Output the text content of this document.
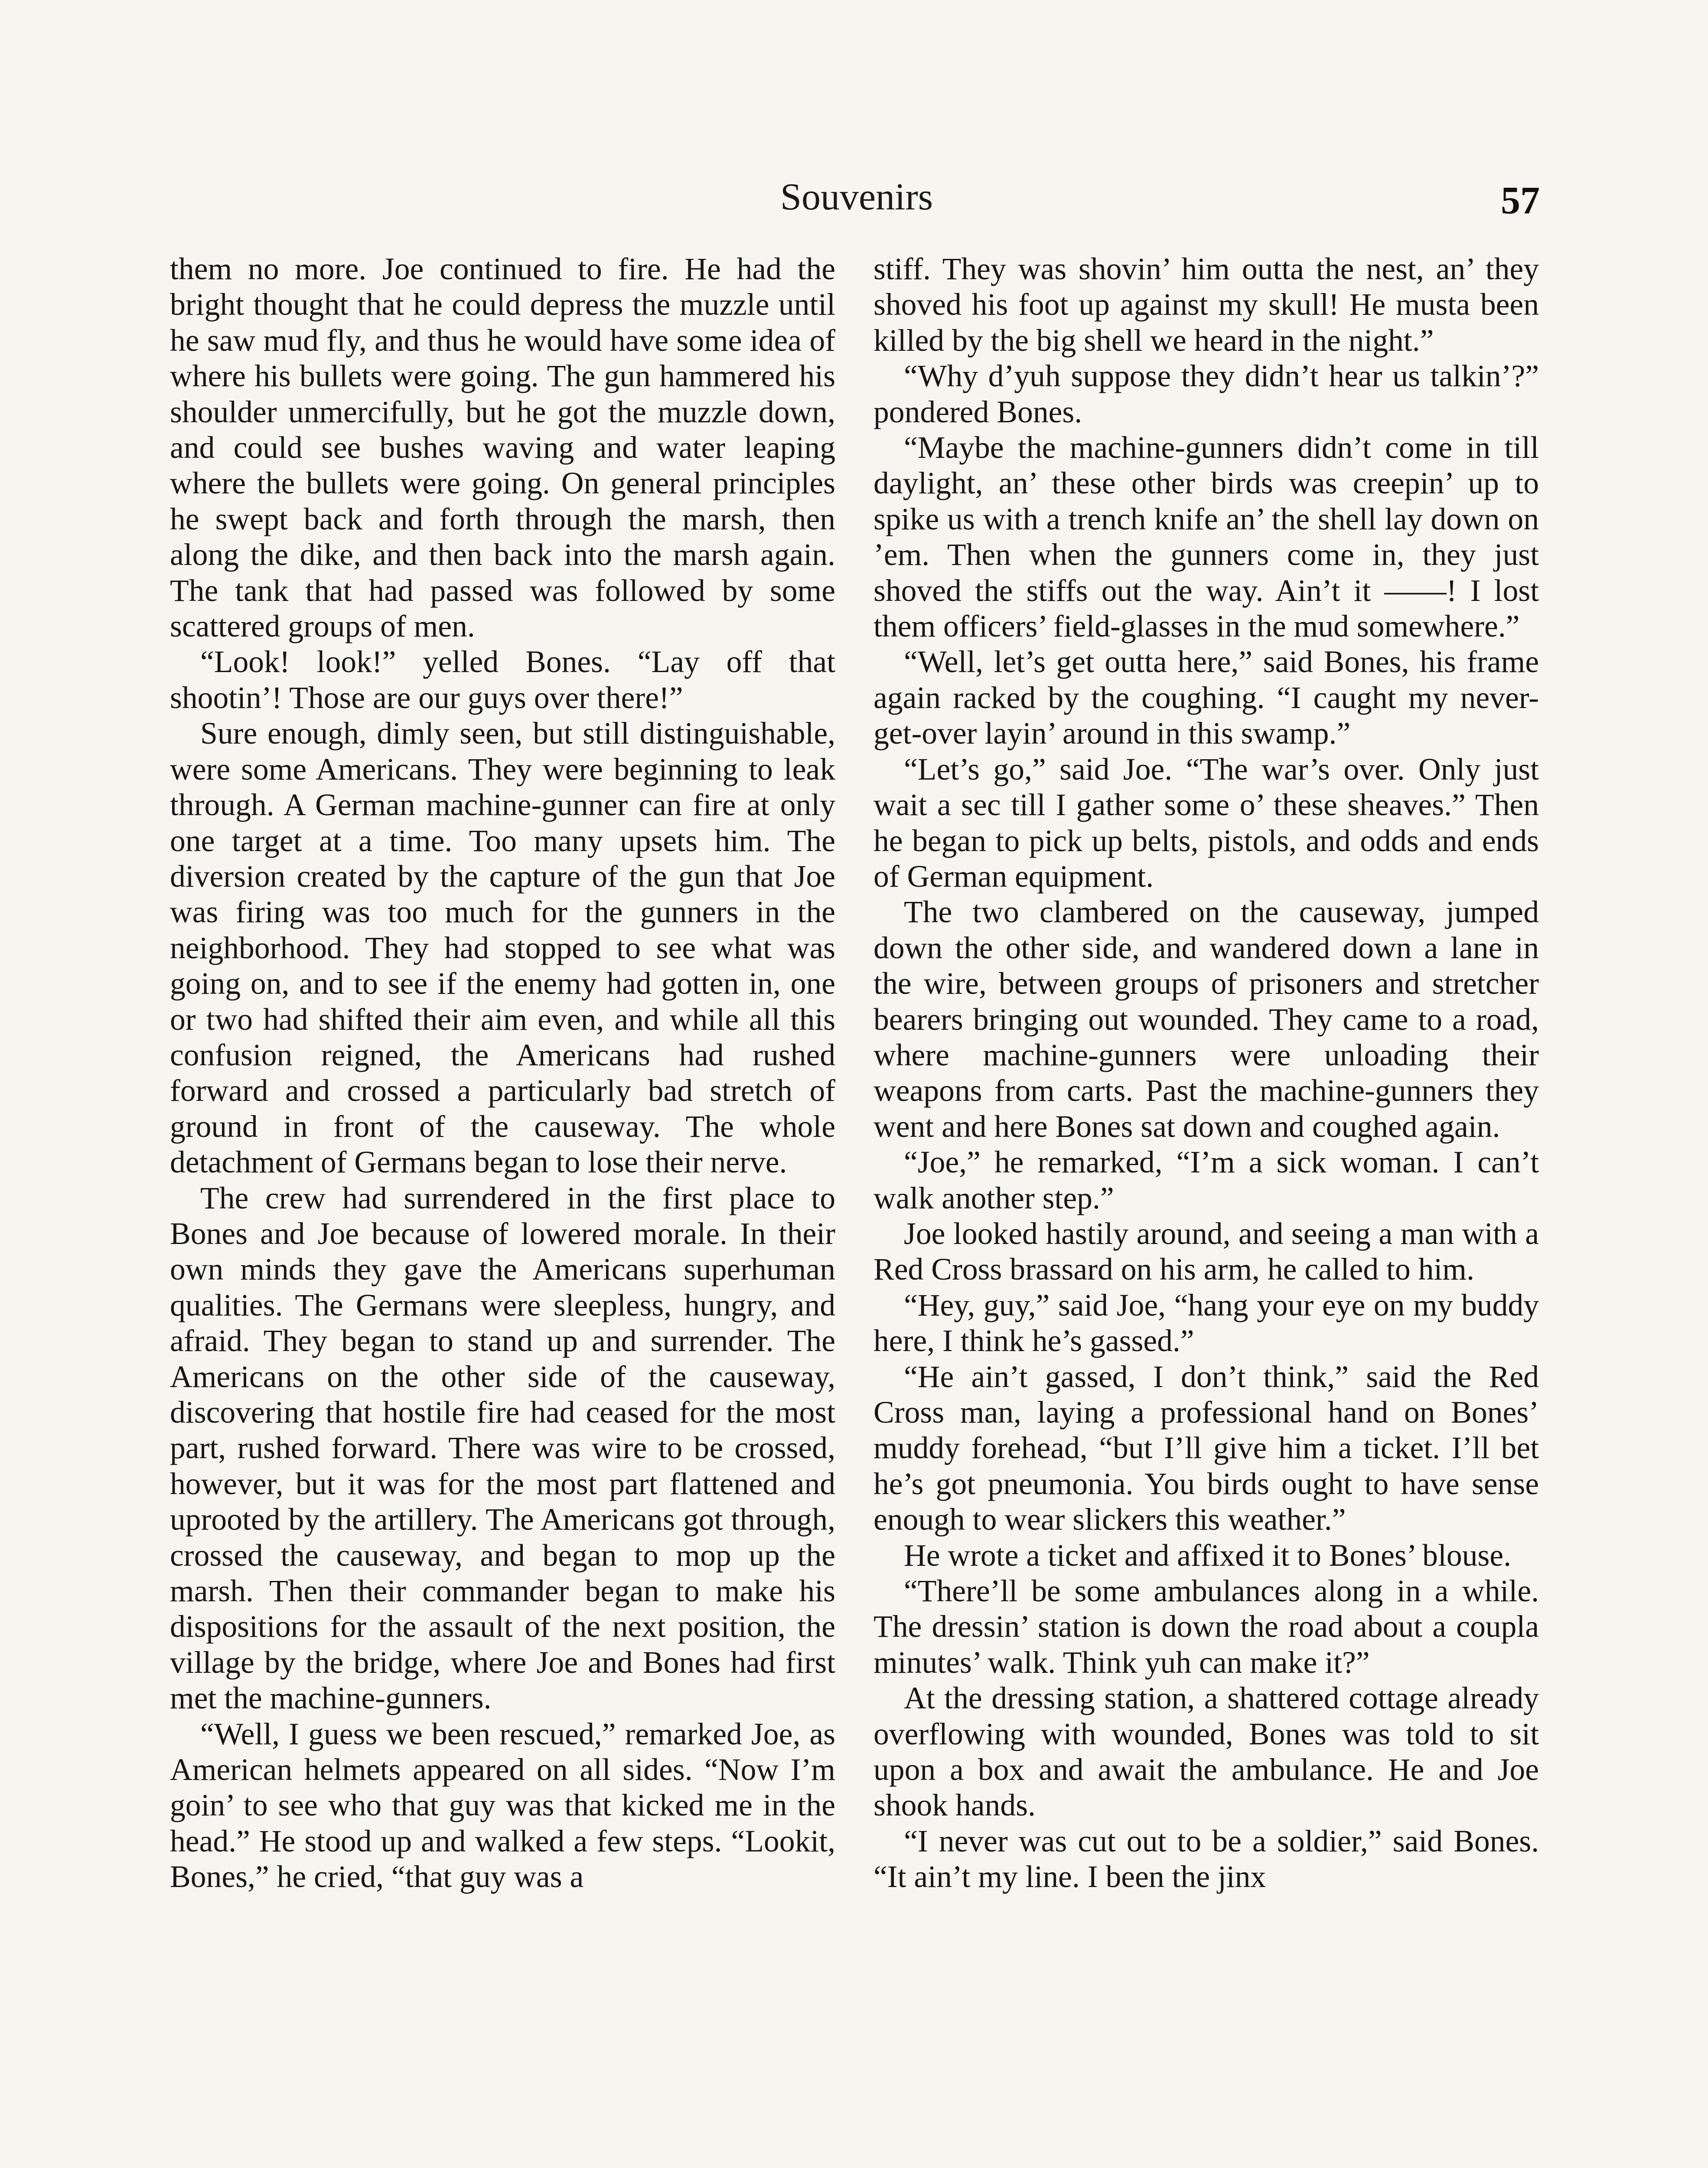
Souvenirs	57

them no more. Joe continued to fire. He had the bright thought that he could depress the muzzle until he saw mud fly, and thus he would have some idea of where his bullets were going. The gun hammered his shoulder unmercifully, but he got the muzzle down, and could see bushes waving and water leaping where the bullets were going. On general principles he swept back and forth through the marsh, then along the dike, and then back into the marsh again. The tank that had passed was followed by some scattered groups of men.

“Look! look!” yelled Bones. “Lay off that shootin’! Those are our guys over there!”

Sure enough, dimly seen, but still distinguishable, were some Americans. They were beginning to leak through. A German machine-gunner can fire at only one target at a time. Too many upsets him. The diversion created by the capture of the gun that Joe was firing was too much for the gunners in the neighborhood. They had stopped to see what was going on, and to see if the enemy had gotten in, one or two had shifted their aim even, and while all this confusion reigned, the Americans had rushed forward and crossed a particularly bad stretch of ground in front of the causeway. The whole detachment of Germans began to lose their nerve.

The crew had surrendered in the first place to Bones and Joe because of lowered morale. In their own minds they gave the Americans superhuman qualities. The Germans were sleepless, hungry, and afraid. They began to stand up and surrender. The Americans on the other side of the causeway, discovering that hostile fire had ceased for the most part, rushed forward. There was wire to be crossed, however, but it was for the most part flattened and uprooted by the artillery. The Americans got through, crossed the causeway, and began to mop up the marsh. Then their commander began to make his dispositions for the assault of the next position, the village by the bridge, where Joe and Bones had first met the machine-gunners.

“Well, I guess we been rescued,” remarked Joe, as American helmets appeared on all sides. “Now I’m goin’ to see who that guy was that kicked me in the head.” He stood up and walked a few steps. “Lookit, Bones,” he cried, “that guy was a

stiff. They was shovin’ him outta the nest, an’ they shoved his foot up against my skull! He musta been killed by the big shell we heard in the night.”

“Why d’yuh suppose they didn’t hear us talkin’?” pondered Bones.

“Maybe the machine-gunners didn’t come in till daylight, an’ these other birds was creepin’ up to spike us with a trench knife an’ the shell lay down on ’em. Then when the gunners come in, they just shoved the stiffs out the way. Ain’t it ——! I lost them officers’ field-glasses in the mud somewhere.”

“Well, let’s get outta here,” said Bones, his frame again racked by the coughing. “I caught my never-get-over layin’ around in this swamp.”

“Let’s go,” said Joe. “The war’s over. Only just wait a sec till I gather some o’ these sheaves.” Then he began to pick up belts, pistols, and odds and ends of German equipment.

The two clambered on the causeway, jumped down the other side, and wandered down a lane in the wire, between groups of prisoners and stretcher bearers bringing out wounded. They came to a road, where machine-gunners were unloading their weapons from carts. Past the machine-gunners they went and here Bones sat down and coughed again.

“Joe,” he remarked, “I’m a sick woman. I can’t walk another step.”

Joe looked hastily around, and seeing a man with a Red Cross brassard on his arm, he called to him.

“Hey, guy,” said Joe, “hang your eye on my buddy here, I think he’s gassed.”

“He ain’t gassed, I don’t think,” said the Red Cross man, laying a professional hand on Bones’ muddy forehead, “but I’ll give him a ticket. I’ll bet he’s got pneumonia. You birds ought to have sense enough to wear slickers this weather.”

He wrote a ticket and affixed it to Bones’ blouse.

“There’ll be some ambulances along in a while. The dressin’ station is down the road about a coupla minutes’ walk. Think yuh can make it?”

At the dressing station, a shattered cottage already overflowing with wounded, Bones was told to sit upon a box and await the ambulance. He and Joe shook hands.

“I never was cut out to be a soldier,” said Bones. “It ain’t my line. I been the jinx
